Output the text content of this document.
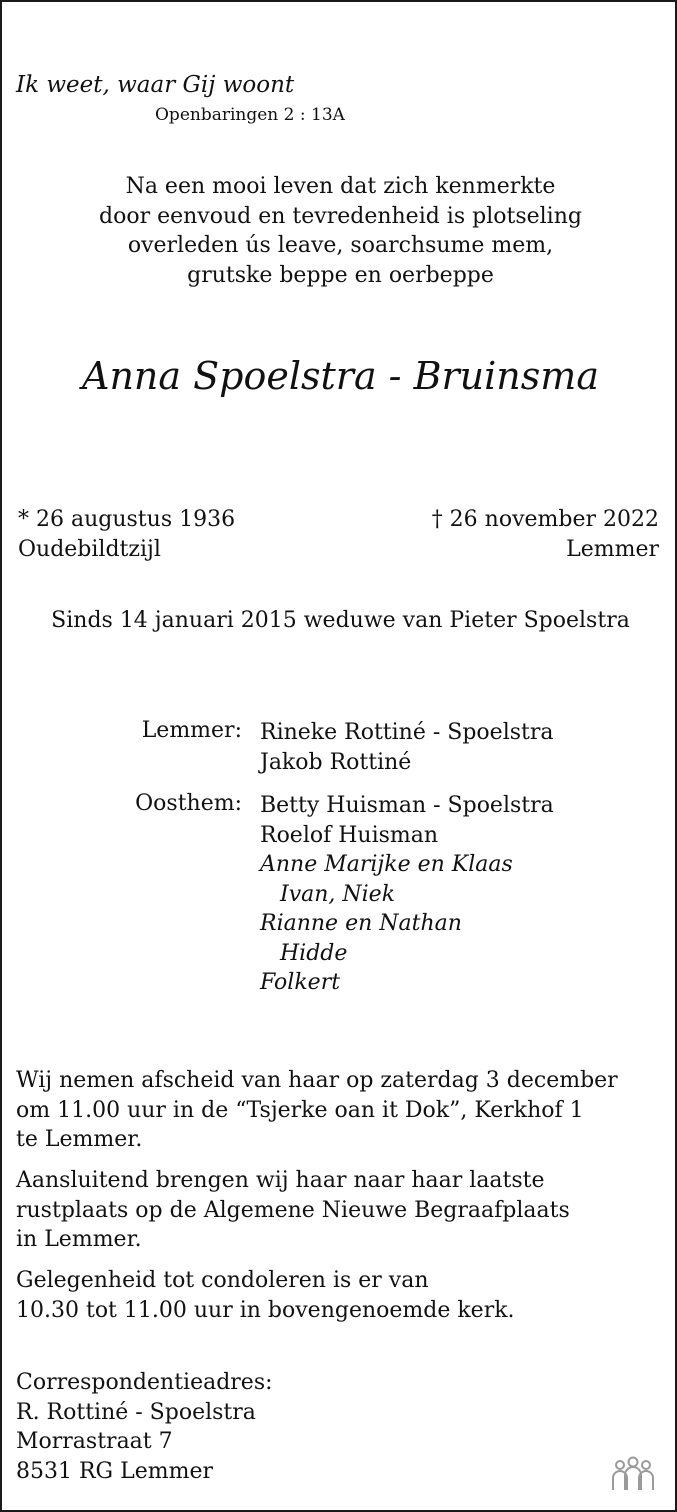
Ik weet, waar Gij woont
Openbaringen 2 : 13A
Na een mooi leven dat zich kenmerkte
door eenvoud en tevredenheid is plotseling
overleden ús leave, soarchsume mem,
grutske beppe en oerbeppe
Anna Spoelstra - Bruinsma
* 26 augustus 1936
Oudebildtzijl
† 26 november 2022
Lemmer
Sinds 14 januari 2015 weduwe van Pieter Spoelstra
Lemmer: Rineke Rottiné - Spoelstra
Jakob Rottiné
Oosthem: Betty Huisman - Spoelstra
Roelof Huisman
Anne Marijke en Klaas
Ivan, Niek
Rianne en Nathan
Hidde
Folkert
Wij nemen afscheid van haar op zaterdag 3 december
om 11.00 uur in de “Tsjerke oan it Dok”, Kerkhof 1
te Lemmer.
Aansluitend brengen wij haar naar haar laatste
rustplaats op de Algemene Nieuwe Begraafplaats
in Lemmer.
Gelegenheid tot condoleren is er van
10.30 tot 11.00 uur in bovengenoemde kerk.
Correspondentieadres:
R. Rottiné - Spoelstra
Morrastraat 7
8531 RG Lemmer
